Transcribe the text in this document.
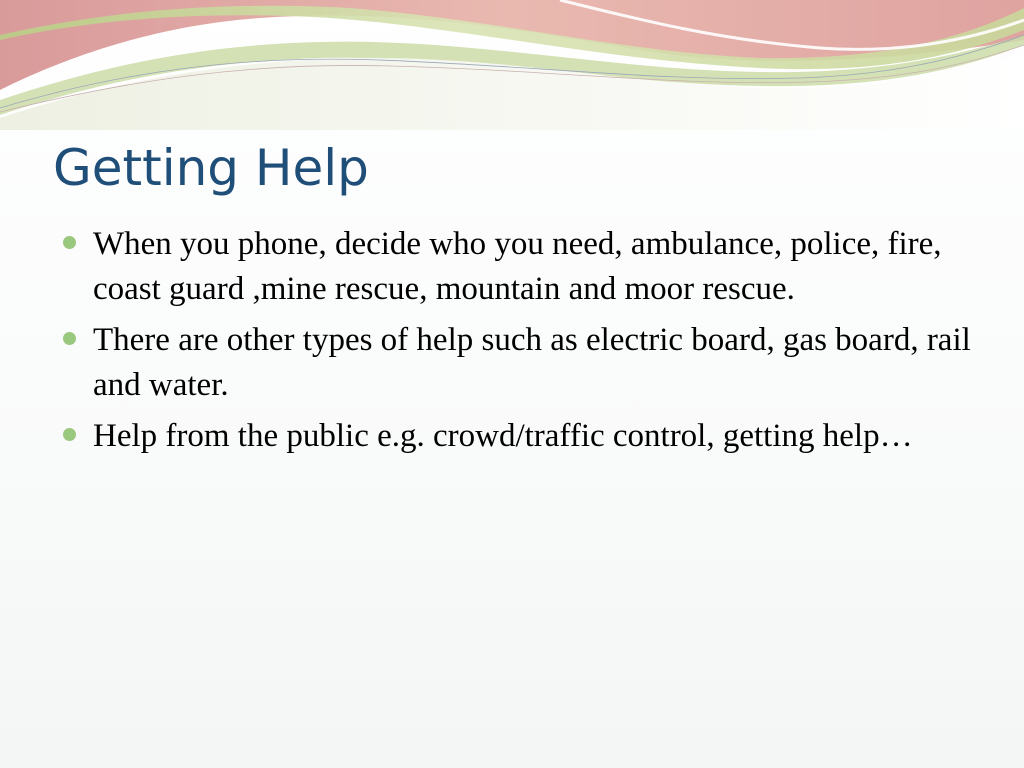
Getting Help
When you phone, decide who you need, ambulance, police, fire, coast guard ,mine rescue, mountain and moor rescue.
There are other types of help such as electric board, gas board, rail and water.
Help from the public e.g. crowd/traffic control, getting help…
